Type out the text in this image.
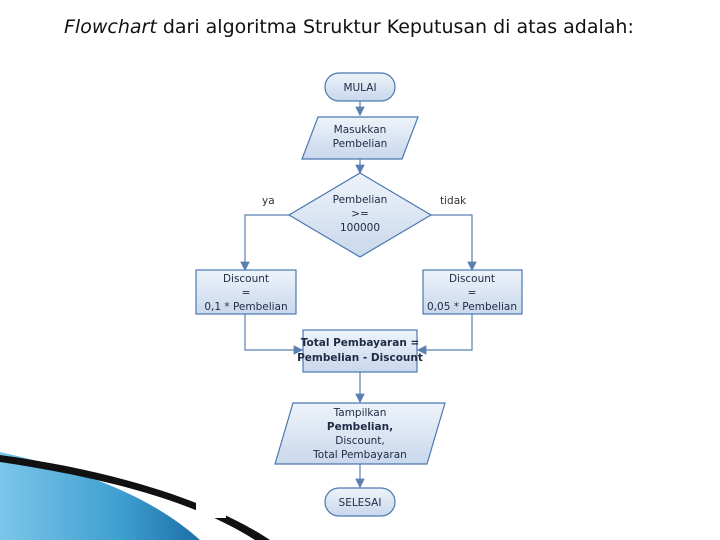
Flowchart dari algoritma Struktur Keputusan di atas adalah:
MULAI
Masukkan
Pembelian
Pembelian
>=
100000
ya	tidak
Discount
=
0,1 * Pembelian
Discount
=
0,05 * Pembelian
Total Pembayaran =
Pembelian - Discount
Tampilkan
Pembelian,
Discount,
Total Pembayaran
SELESAI
